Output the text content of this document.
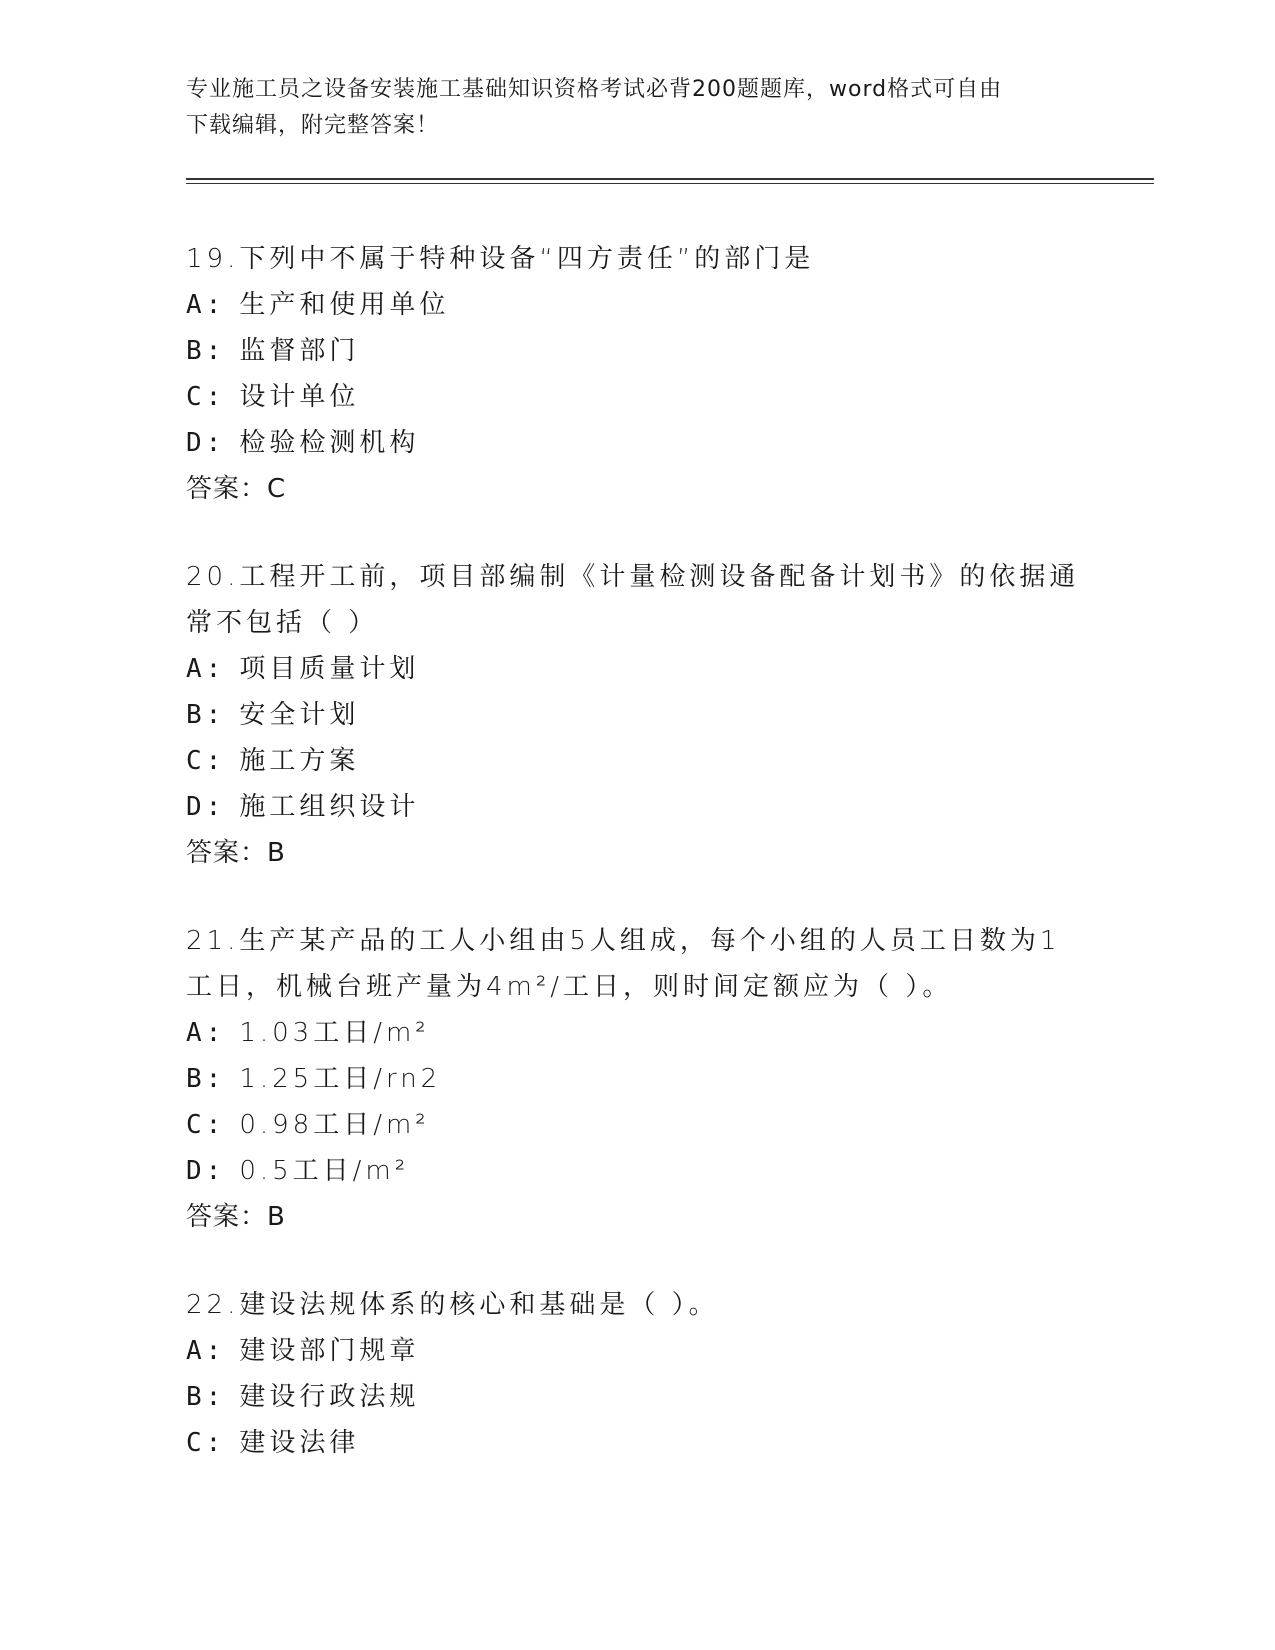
专业施工员之设备安装施工基础知识资格考试必背200题题库，word格式可自由
下载编辑，附完整答案！
19.下列中不属于特种设备“四方责任”的部门是
A: 生产和使用单位
B: 监督部门
C: 设计单位
D: 检验检测机构
答案：C
20.工程开工前，项目部编制《计量检测设备配备计划书》的依据通常不包括（ ）
A: 项目质量计划
B: 安全计划
C: 施工方案
D: 施工组织设计
答案：B
21.生产某产品的工人小组由5人组成，每个小组的人员工日数为1工日，机械台班产量为4m²/工日，则时间定额应为（ ）。
A: 1.03工日/m²
B: 1.25工日/rn2
C: 0.98工日/m²
D: 0.5工日/m²
答案：B
22.建设法规体系的核心和基础是（ ）。
A: 建设部门规章
B: 建设行政法规
C: 建设法律
